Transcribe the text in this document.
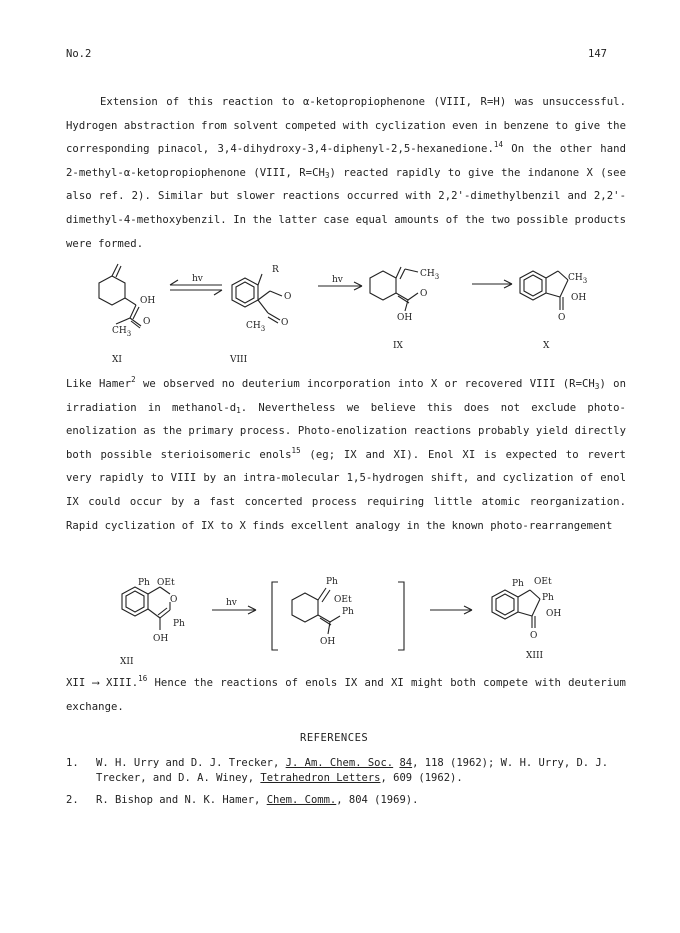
No.2	147
Extension of this reaction to α-ketopropiophenone (VIII, R=H) was unsuccessful. Hydrogen abstraction from solvent competed with cyclization even in benzene to give the corresponding pinacol, 3,4-dihydroxy-3,4-diphenyl-2,5-hexanedione.$^{14}$ On the other hand 2-methyl-α-ketopropiophenone (VIII, $R=CH_3$) reacted rapidly to give the indanone X (see also ref. 2). Similar but slower reactions occurred with 2,2'-dimethylbenzil and 2,2'-dimethyl-4-methoxybenzil. In the latter case equal amounts of the two possible products were formed.
hv	hv
OH
$CH_3$
O
R
O
$CH_3$
O
$CH_3$
O
OH
$CH_3$
OH
O
XI	VIII
IX	X
Like Hamer$^2$ we observed no deuterium incorporation into X or recovered VIII $(R=CH_3)$ on irradiation in methanol-$d_1$. Nevertheless we believe this does not exclude photo-enolization as the primary process. Photo-enolization reactions probably yield directly both possible sterioisomeric enols$^{15}$ (eg; IX and XI). Enol XI is expected to revert very rapidly to VIII by an intra-molecular 1,5-hydrogen shift, and cyclization of enol IX could occur by a fast concerted process requiring little atomic reorganization. Rapid cyclization of IX to X finds excellent analogy in the known photo-rearrangement
hv
Ph OEt
O
Ph
OH
Ph
OEt
Ph
OH
Ph OEt
Ph
OH
O
XII
XIII
XII ⟶ XIII.$^{16}$ Hence the reactions of enols IX and XI might both compete with deuterium exchange.
REFERENCES
1. W. H. Urry and D. J. Trecker, J. Am. Chem. Soc. 84, 118 (1962); W. H. Urry, D. J. Trecker, and D. A. Winey, Tetrahedron Letters, 609 (1962).
2. R. Bishop and N. K. Hamer, Chem. Comm., 804 (1969).
